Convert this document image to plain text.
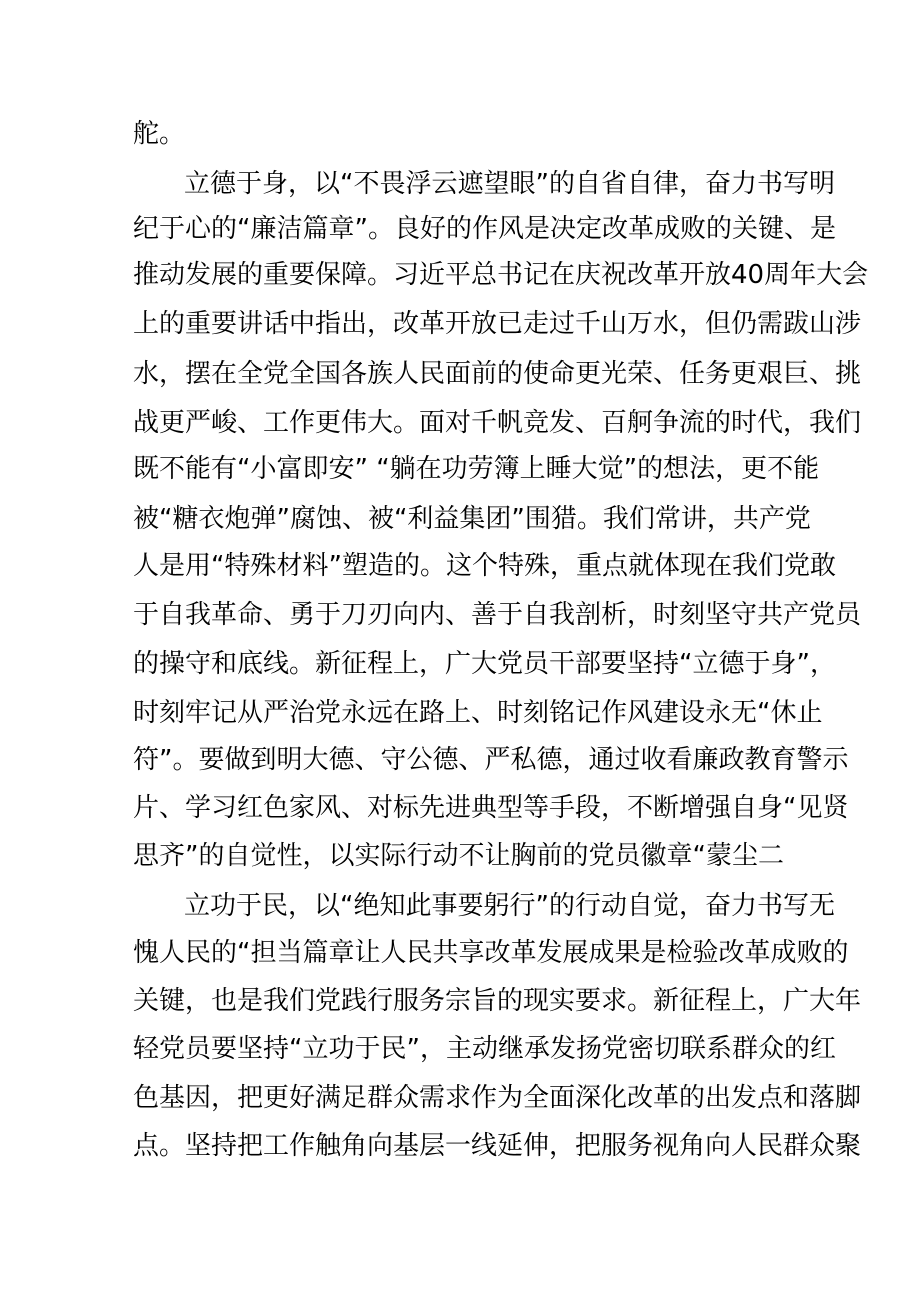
舵。
立德于身，以“不畏浮云遮望眼”的自省自律，奋力书写明
纪于心的“廉洁篇章”。良好的作风是决定改革成败的关键、是
推动发展的重要保障。习近平总书记在庆祝改革开放40周年大会
上的重要讲话中指出，改革开放已走过千山万水，但仍需跋山涉
水，摆在全党全国各族人民面前的使命更光荣、任务更艰巨、挑
战更严峻、工作更伟大。面对千帆竞发、百舸争流的时代，我们
既不能有“小富即安” “躺在功劳簿上睡大觉”的想法，更不能
被“糖衣炮弹”腐蚀、被“利益集团”围猎。我们常讲，共产党
人是用“特殊材料”塑造的。这个特殊，重点就体现在我们党敢
于自我革命、勇于刀刃向内、善于自我剖析，时刻坚守共产党员
的操守和底线。新征程上，广大党员干部要坚持“立德于身”，
时刻牢记从严治党永远在路上、时刻铭记作风建设永无“休止
符”。要做到明大德、守公德、严私德，通过收看廉政教育警示
片、学习红色家风、对标先进典型等手段，不断增强自身“见贤
思齐”的自觉性，以实际行动不让胸前的党员徽章“蒙尘二
立功于民，以“绝知此事要躬行”的行动自觉，奋力书写无
愧人民的“担当篇章让人民共享改革发展成果是检验改革成败的
关键，也是我们党践行服务宗旨的现实要求。新征程上，广大年
轻党员要坚持“立功于民”，主动继承发扬党密切联系群众的红
色基因，把更好满足群众需求作为全面深化改革的出发点和落脚
点。坚持把工作触角向基层一线延伸，把服务视角向人民群众聚
